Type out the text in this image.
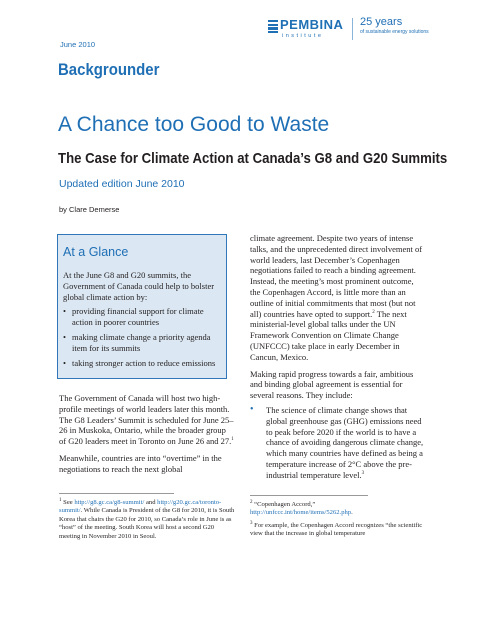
June 2010
PEMBINA
institute
25 years
of sustainable energy solutions
Backgrounder
A Chance too Good to Waste
The Case for Climate Action at Canada’s G8 and G20 Summits
Updated edition June 2010
by Clare Demerse
At a Glance
At the June G8 and G20 summits, the Government of Canada could help to bolster global climate action by:
• providing financial support for climate action in poorer countries
• making climate change a priority agenda item for its summits
• taking stronger action to reduce emissions

The Government of Canada will host two high-profile meetings of world leaders later this month. The G8 Leaders’ Summit is scheduled for June 25–26 in Muskoka, Ontario, while the broader group of G20 leaders meet in Toronto on June 26 and 27.$^1$

Meanwhile, countries are into “overtime” in the negotiations to reach the next global

$^1$ See http://g8.gc.ca/g8-summit/ and http://g20.gc.ca/toronto-summit/. While Canada is President of the G8 for 2010, it is South Korea that chairs the G20 for 2010, so Canada’s role in June is as “host” of the meeting. South Korea will host a second G20 meeting in November 2010 in Seoul.

climate agreement. Despite two years of intense talks, and the unprecedented direct involvement of world leaders, last December’s Copenhagen negotiations failed to reach a binding agreement. Instead, the meeting’s most prominent outcome, the Copenhagen Accord, is little more than an outline of initial commitments that most (but not all) countries have opted to support.$^2$ The next ministerial-level global talks under the UN Framework Convention on Climate Change (UNFCCC) take place in early December in Cancun, Mexico.

Making rapid progress towards a fair, ambitious and binding global agreement is essential for several reasons. They include:

•	The science of climate change shows that global greenhouse gas (GHG) emissions need to peak before 2020 if the world is to have a chance of avoiding dangerous climate change, which many countries have defined as being a temperature increase of 2°C above the pre-industrial temperature level.$^3$
$^2$ “Copenhagen Accord,”
http://unfccc.int/home/items/5262.php.
$^3$ For example, the Copenhagen Accord recognizes “the scientific view that the increase in global temperature
